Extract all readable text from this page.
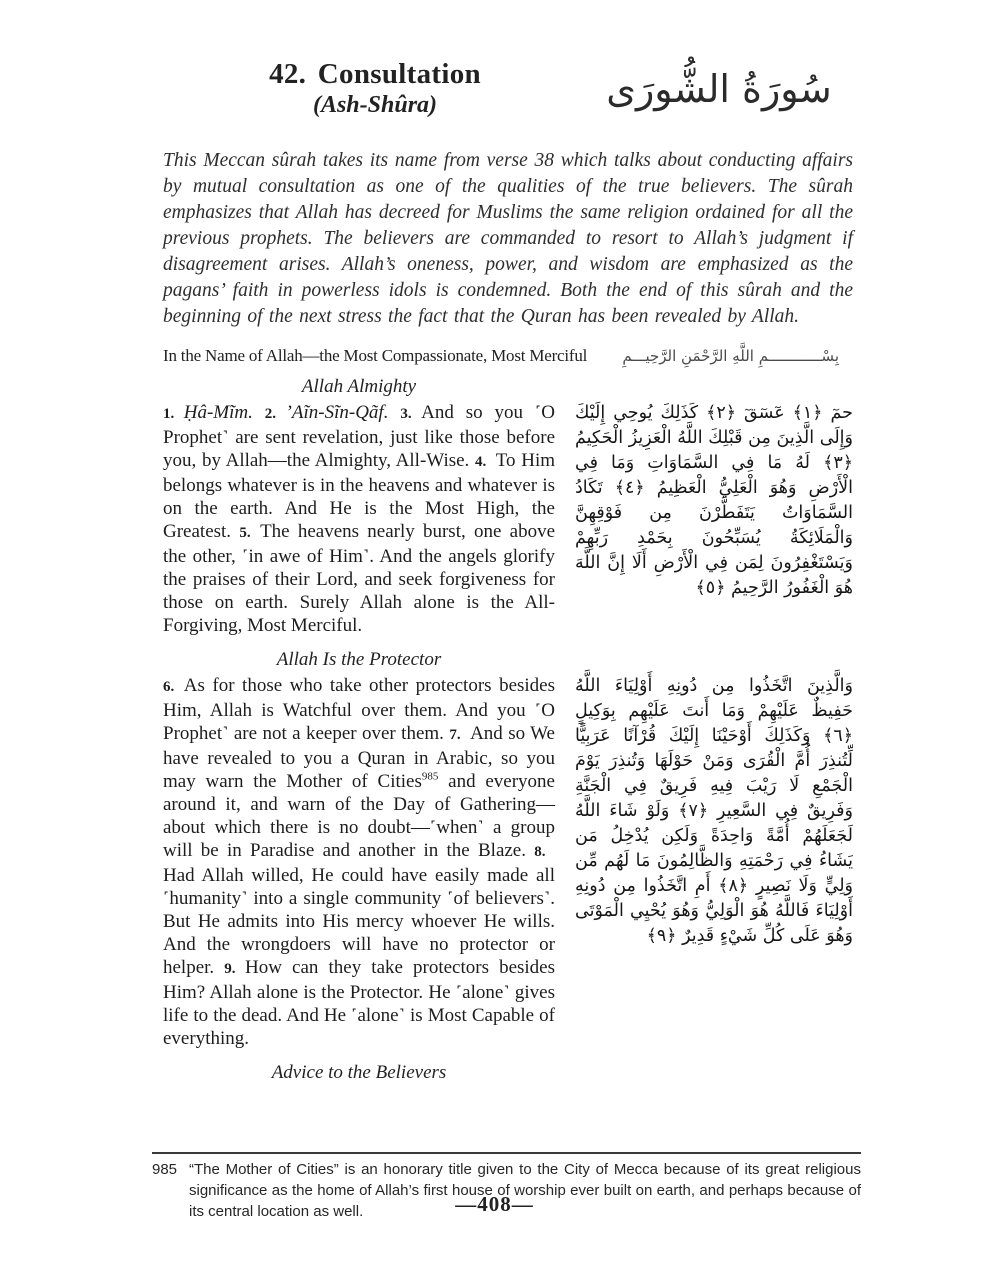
42. Consultation
(Ash-Shûra)	سُورَةُ الشُّورَى

This Meccan sûrah takes its name from verse 38 which talks about conducting affairs by mutual consultation as one of the qualities of the true believers. The sûrah emphasizes that Allah has decreed for Muslims the same religion ordained for all the previous prophets. The believers are commanded to resort to Allah’s judgment if disagreement arises. Allah’s oneness, power, and wisdom are emphasized as the pagans’ faith in powerless idols is condemned. Both the end of this sûrah and the beginning of the next stress the fact that the Quran has been revealed by Allah.

In the Name of Allah—the Most Compassionate, Most Merciful بِسْــــــــــــمِ اللَّهِ الرَّحْمَنِ الرَّحِيـــمِ
Allah Almighty
1.  Ḥâ-Mĩm. 2.  ’Aĩn-Sĩn-Qãf. 3.  And so you ˹O Prophet˺ are sent revelation, just like those before you, by Allah—the Almighty, All-Wise. 4.  To Him belongs whatever is in the heavens and whatever is on the earth. And He is the Most High, the Greatest. 5.  The heavens nearly burst, one above the other, ˹in awe of Him˺. And the angels glorify the praises of their Lord, and seek forgiveness for those on earth. Surely Allah alone is the All-Forgiving, Most Merciful.
حمٓ ﴿١﴾ عٓسٓقٓ ﴿٢﴾ كَذَلِكَ يُوحِي إِلَيْكَ وَإِلَى الَّذِينَ مِن قَبْلِكَ اللَّهُ الْعَزِيزُ الْحَكِيمُ ﴿٣﴾ لَهُ مَا فِي السَّمَاوَاتِ وَمَا فِي الْأَرْضِ وَهُوَ الْعَلِيُّ الْعَظِيمُ ﴿٤﴾ تَكَادُ السَّمَاوَاتُ يَتَفَطَّرْنَ مِن فَوْقِهِنَّ وَالْمَلَائِكَةُ يُسَبِّحُونَ بِحَمْدِ رَبِّهِمْ وَيَسْتَغْفِرُونَ لِمَن فِي الْأَرْضِ أَلَا إِنَّ اللَّهَ هُوَ الْغَفُورُ الرَّحِيمُ ﴿٥﴾
Allah Is the Protector
6.  As for those who take other protectors besides Him, Allah is Watchful over them. And you ˹O Prophet˺ are not a keeper over them. 7.  And so We have revealed to you a Quran in Arabic, so you may warn the Mother of Cities$^{985}$ and everyone around it, and warn of the Day of Gathering—about which there is no doubt—˹when˺ a group will be in Paradise and another in the Blaze. 8. Had Allah willed, He could have easily made all ˹humanity˺ into a single community ˹of believers˺. But He admits into His mercy whoever He wills. And the wrongdoers will have no protector or helper. 9.  How can they take protectors besides Him? Allah alone is the Protector. He ˹alone˺ gives life to the dead. And He ˹alone˺ is Most Capable of everything.
وَالَّذِينَ اتَّخَذُوا مِن دُونِهِ أَوْلِيَاءَ اللَّهُ حَفِيظٌ عَلَيْهِمْ وَمَا أَنتَ عَلَيْهِم بِوَكِيلٍ ﴿٦﴾ وَكَذَلِكَ أَوْحَيْنَا إِلَيْكَ قُرْآنًا عَرَبِيًّا لِّتُنذِرَ أُمَّ الْقُرَى وَمَنْ حَوْلَهَا وَتُنذِرَ يَوْمَ الْجَمْعِ لَا رَيْبَ فِيهِ فَرِيقٌ فِي الْجَنَّةِ وَفَرِيقٌ فِي السَّعِيرِ ﴿٧﴾ وَلَوْ شَاءَ اللَّهُ لَجَعَلَهُمْ أُمَّةً وَاحِدَةً وَلَكِن يُدْخِلُ مَن يَشَاءُ فِي رَحْمَتِهِ وَالظَّالِمُونَ مَا لَهُم مِّن وَلِيٍّ وَلَا نَصِيرٍ ﴿٨﴾ أَمِ اتَّخَذُوا مِن دُونِهِ أَوْلِيَاءَ فَاللَّهُ هُوَ الْوَلِيُّ وَهُوَ يُحْيِي الْمَوْتَى وَهُوَ عَلَى كُلِّ شَيْءٍ قَدِيرٌ ﴿٩﴾
Advice to the Believers

985 “The Mother of Cities” is an honorary title given to the City of Mecca because of its great religious significance as the home of Allah’s first house of worship ever built on earth, and perhaps because of its central location as well.	—408—
